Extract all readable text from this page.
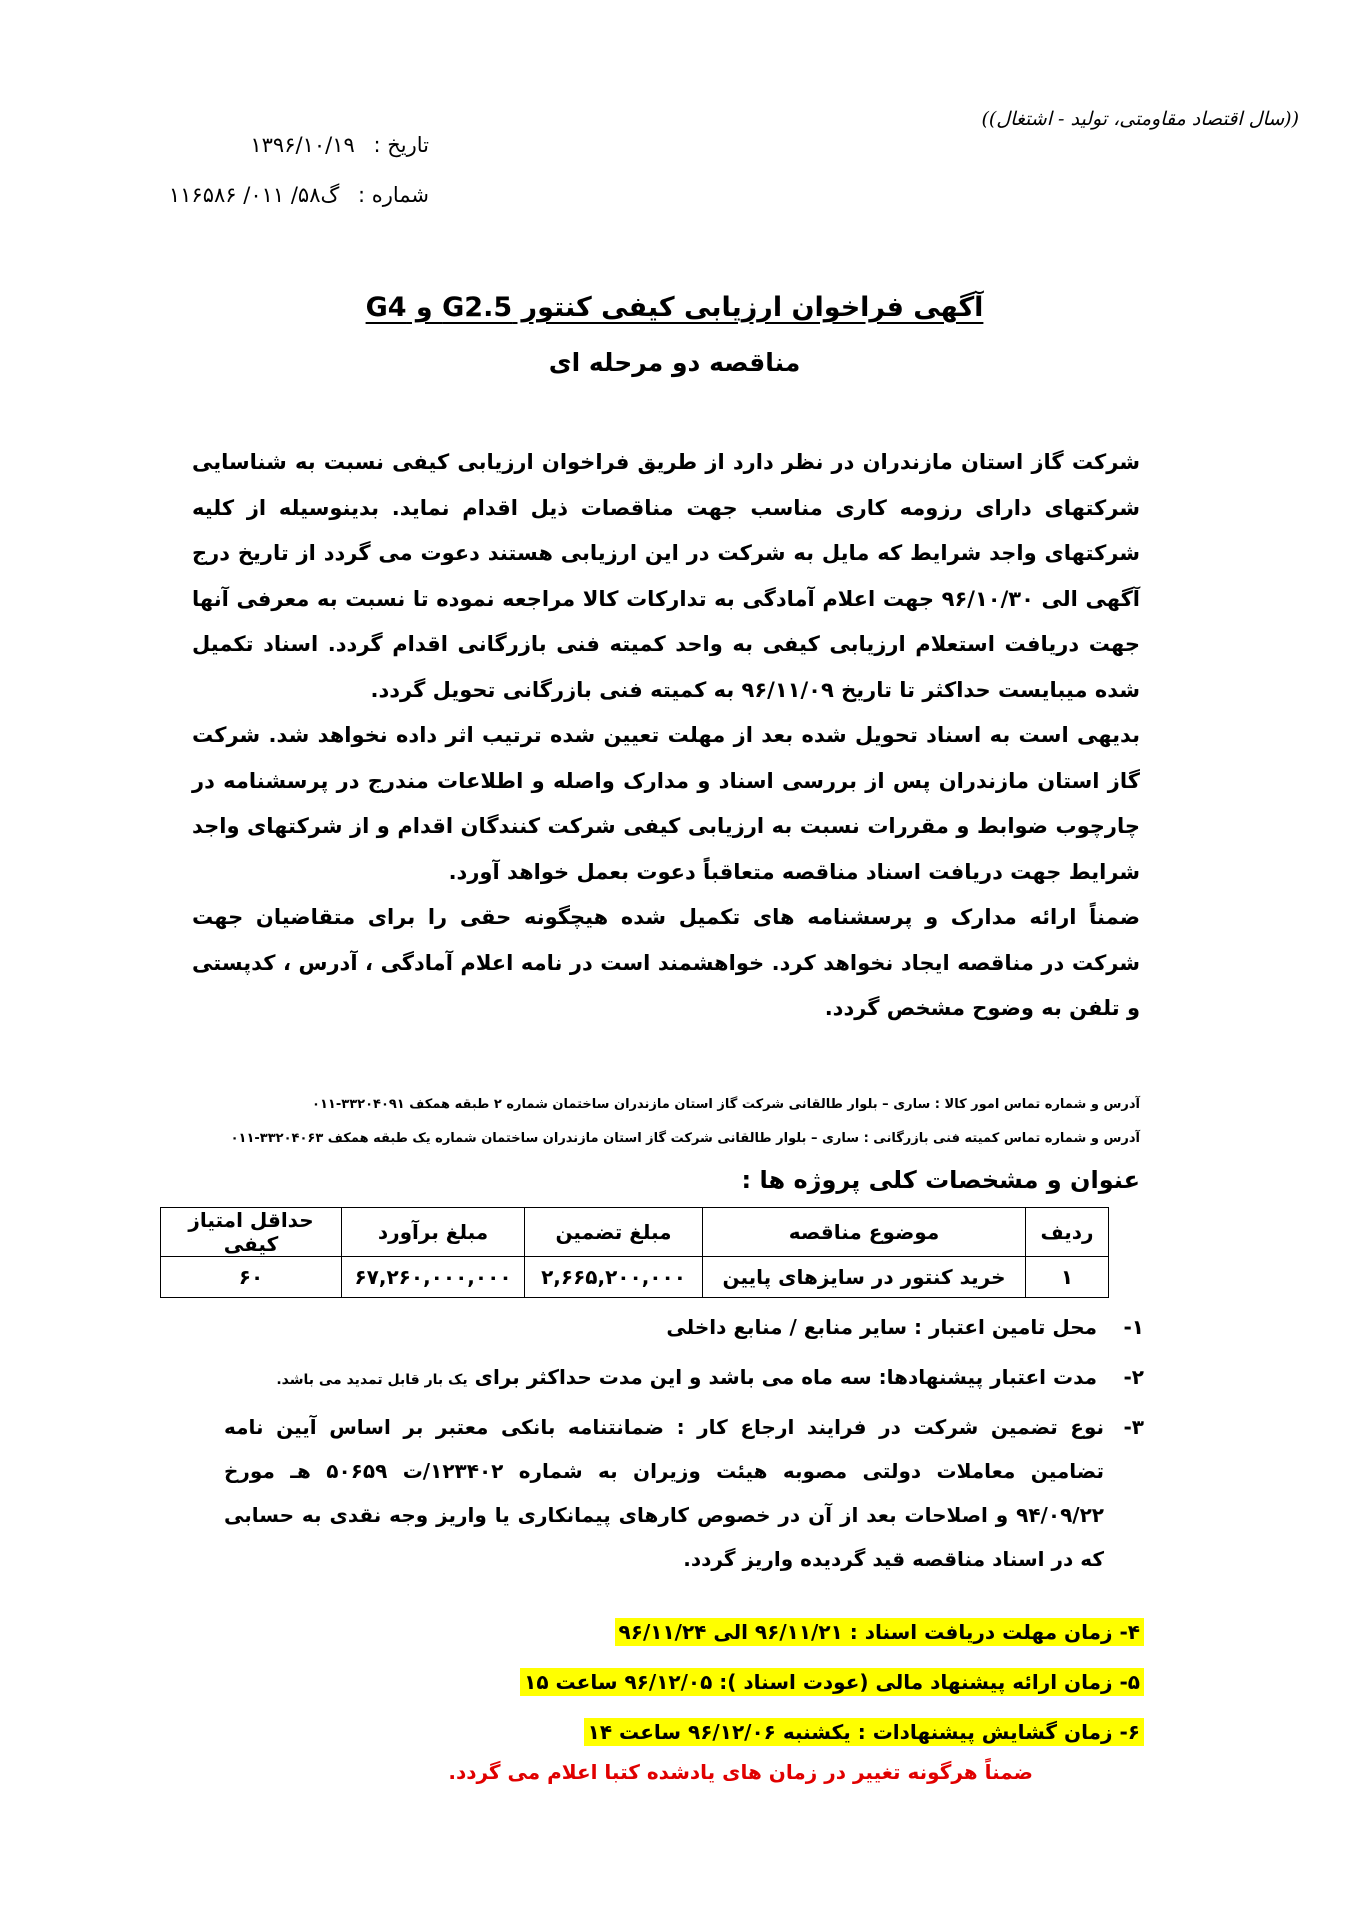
((سال اقتصاد مقاومتی، تولید - اشتغال))
تاریخ : ۱۳۹۶/۱۰/۱۹
شماره : گ۵۸/ ۰۱۱/ ۱۱۶۵۸۶
آگهی فراخوان ارزیابی کیفی کنتور G2.5 و G4
مناقصه دو مرحله ای

شرکت گاز استان مازندران در نظر دارد از طریق فراخوان ارزیابی کیفی نسبت به شناسایی شرکتهای دارای رزومه کاری مناسب جهت مناقصات ذیل اقدام نماید. بدینوسیله از کلیه شرکتهای واجد شرایط که مایل به شرکت در این ارزیابی هستند دعوت می گردد از تاریخ درج آگهی الی ۹۶/۱۰/۳۰ جهت اعلام آمادگی به تدارکات کالا مراجعه نموده تا نسبت به معرفی آنها جهت دریافت استعلام ارزیابی کیفی به واحد کمیته فنی بازرگانی اقدام گردد. اسناد تکمیل شده میبایست حداکثر تا تاریخ ۹۶/۱۱/۰۹ به کمیته فنی بازرگانی تحویل گردد.

بدیهی است به اسناد تحویل شده بعد از مهلت تعیین شده ترتیب اثر داده نخواهد شد. شرکت گاز استان مازندران پس از بررسی اسناد و مدارک واصله و اطلاعات مندرج در پرسشنامه در چارچوب ضوابط و مقررات نسبت به ارزیابی کیفی شرکت کنندگان اقدام و از شرکتهای واجد شرایط جهت دریافت اسناد مناقصه متعاقباً دعوت بعمل خواهد آورد.

ضمناً ارائه مدارک و پرسشنامه های تکمیل شده هیچگونه حقی را برای متقاضیان جهت شرکت در مناقصه ایجاد نخواهد کرد. خواهشمند است در نامه اعلام آمادگی ، آدرس ، کدپستی و تلفن به وضوح مشخص گردد.

آدرس و شماره تماس امور کالا : ساری – بلوار طالقانی شرکت گاز استان مازندران ساختمان شماره ۲ طبقه همکف ۳۳۲۰۴۰۹۱-۰۱۱
آدرس و شماره تماس کمیته فنی بازرگانی : ساری – بلوار طالقانی شرکت گاز استان مازندران ساختمان شماره یک طبقه همکف ۳۳۲۰۴۰۶۳-۰۱۱
عنوان و مشخصات کلی پروژه ها :
ردیف	موضوع مناقصه	مبلغ تضمین	مبلغ برآورد	حداقل امتیاز کیفی
۱	خرید کنتور در سایزهای پایین	۲,۶۶۵,۲۰۰,۰۰۰	۶۷,۲۶۰,۰۰۰,۰۰۰	۶۰
۱- محل تامین اعتبار : سایر منابع / منابع داخلی
۲- مدت اعتبار پیشنهادها: سه ماه می باشد و این مدت حداکثر برای یک بار قابل تمدید می باشد.
۳-
نوع تضمین شرکت در فرایند ارجاع کار : ضمانتنامه بانکی معتبر بر اساس آیین نامه تضامین معاملات دولتی مصوبه هیئت وزیران به شماره ۱۲۳۴۰۲/ت ۵۰۶۵۹ هـ مورخ ۹۴/۰۹/۲۲ و اصلاحات بعد از آن در خصوص کارهای پیمانکاری یا واریز وجه نقدی به حسابی که در اسناد مناقصه قید گردیده واریز گردد.
۴- زمان مهلت دریافت اسناد : ۹۶/۱۱/۲۱ الی ۹۶/۱۱/۲۴
۵- زمان ارائه پیشنهاد مالی (عودت اسناد ): ۹۶/۱۲/۰۵ ساعت ۱۵
۶- زمان گشایش پیشنهادات : یکشنبه ۹۶/۱۲/۰۶ ساعت ۱۴
ضمناً هرگونه تغییر در زمان های یادشده کتبا اعلام می گردد.
